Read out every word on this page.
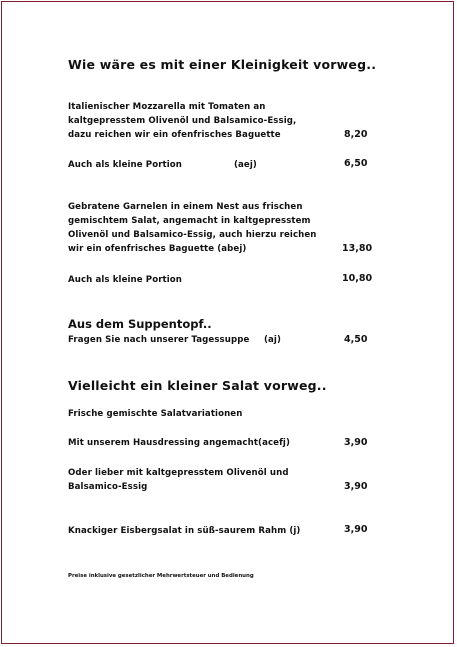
Wie wäre es mit einer Kleinigkeit vorweg..
Italienischer Mozzarella mit Tomaten an
kaltgepresstem Olivenöl und Balsamico-Essig,
dazu reichen wir ein ofenfrisches Baguette	8,20
Auch als kleine Portion	(aej)	6,50
Gebratene Garnelen in einem Nest aus frischen
gemischtem Salat, angemacht in kaltgepresstem
Olivenöl und Balsamico-Essig, auch hierzu reichen
wir ein ofenfrisches Baguette (abej)	13,80
Auch als kleine Portion	10,80
Aus dem Suppentopf..
Fragen Sie nach unserer Tagessuppe (aj)	4,50
Vielleicht ein kleiner Salat vorweg..
Frische gemischte Salatvariationen
Mit unserem Hausdressing angemacht(acefj)	3,90
Oder lieber mit kaltgepresstem Olivenöl und
Balsamico-Essig	3,90
Knackiger Eisbergsalat in süß-saurem Rahm (j)	3,90
Preise inklusive gesetzlicher Mehrwertsteuer und Bedienung
